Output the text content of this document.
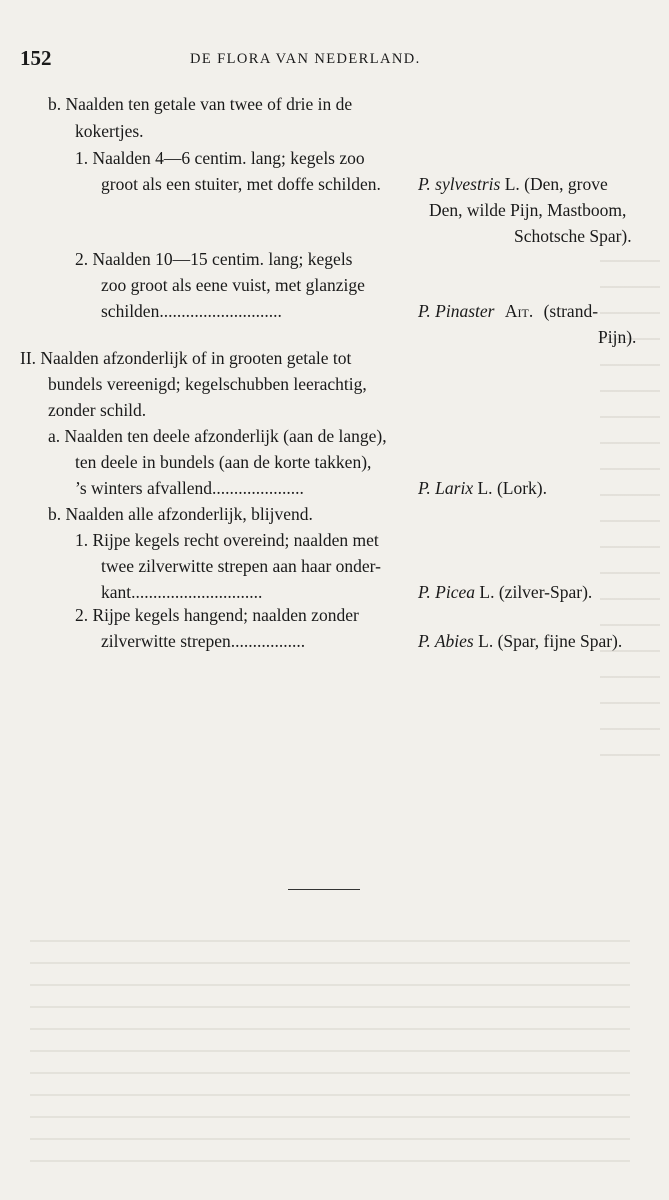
152	DE FLORA VAN NEDERLAND.
b. Naalden ten getale van twee of drie in de
kokertjes.
1. Naalden 4—6 centim. lang; kegels zoo
groot als een stuiter, met doffe schilden. P. sylvestris L. (Den, grove
Den, wilde Pijn, Mastboom,
Schotsche Spar).
2. Naalden 10—15 centim. lang; kegels
zoo groot als eene vuist, met glanzige
schilden............................	P. Pinaster Ait. (strand-
Pijn).
II. Naalden afzonderlijk of in grooten getale tot
bundels vereenigd; kegelschubben leerachtig,
zonder schild.
a. Naalden ten deele afzonderlijk (aan de lange),
ten deele in bundels (aan de korte takken),
’s winters afvallend.....................	P. Larix L. (Lork).
b. Naalden alle afzonderlijk, blijvend.
1. Rijpe kegels recht overeind; naalden met
twee zilverwitte strepen aan haar onder-
kant..............................	P. Picea L. (zilver-Spar).
2. Rijpe kegels hangend; naalden zonder
zilverwitte strepen.................	P. Abies L. (Spar, fijne Spar).
